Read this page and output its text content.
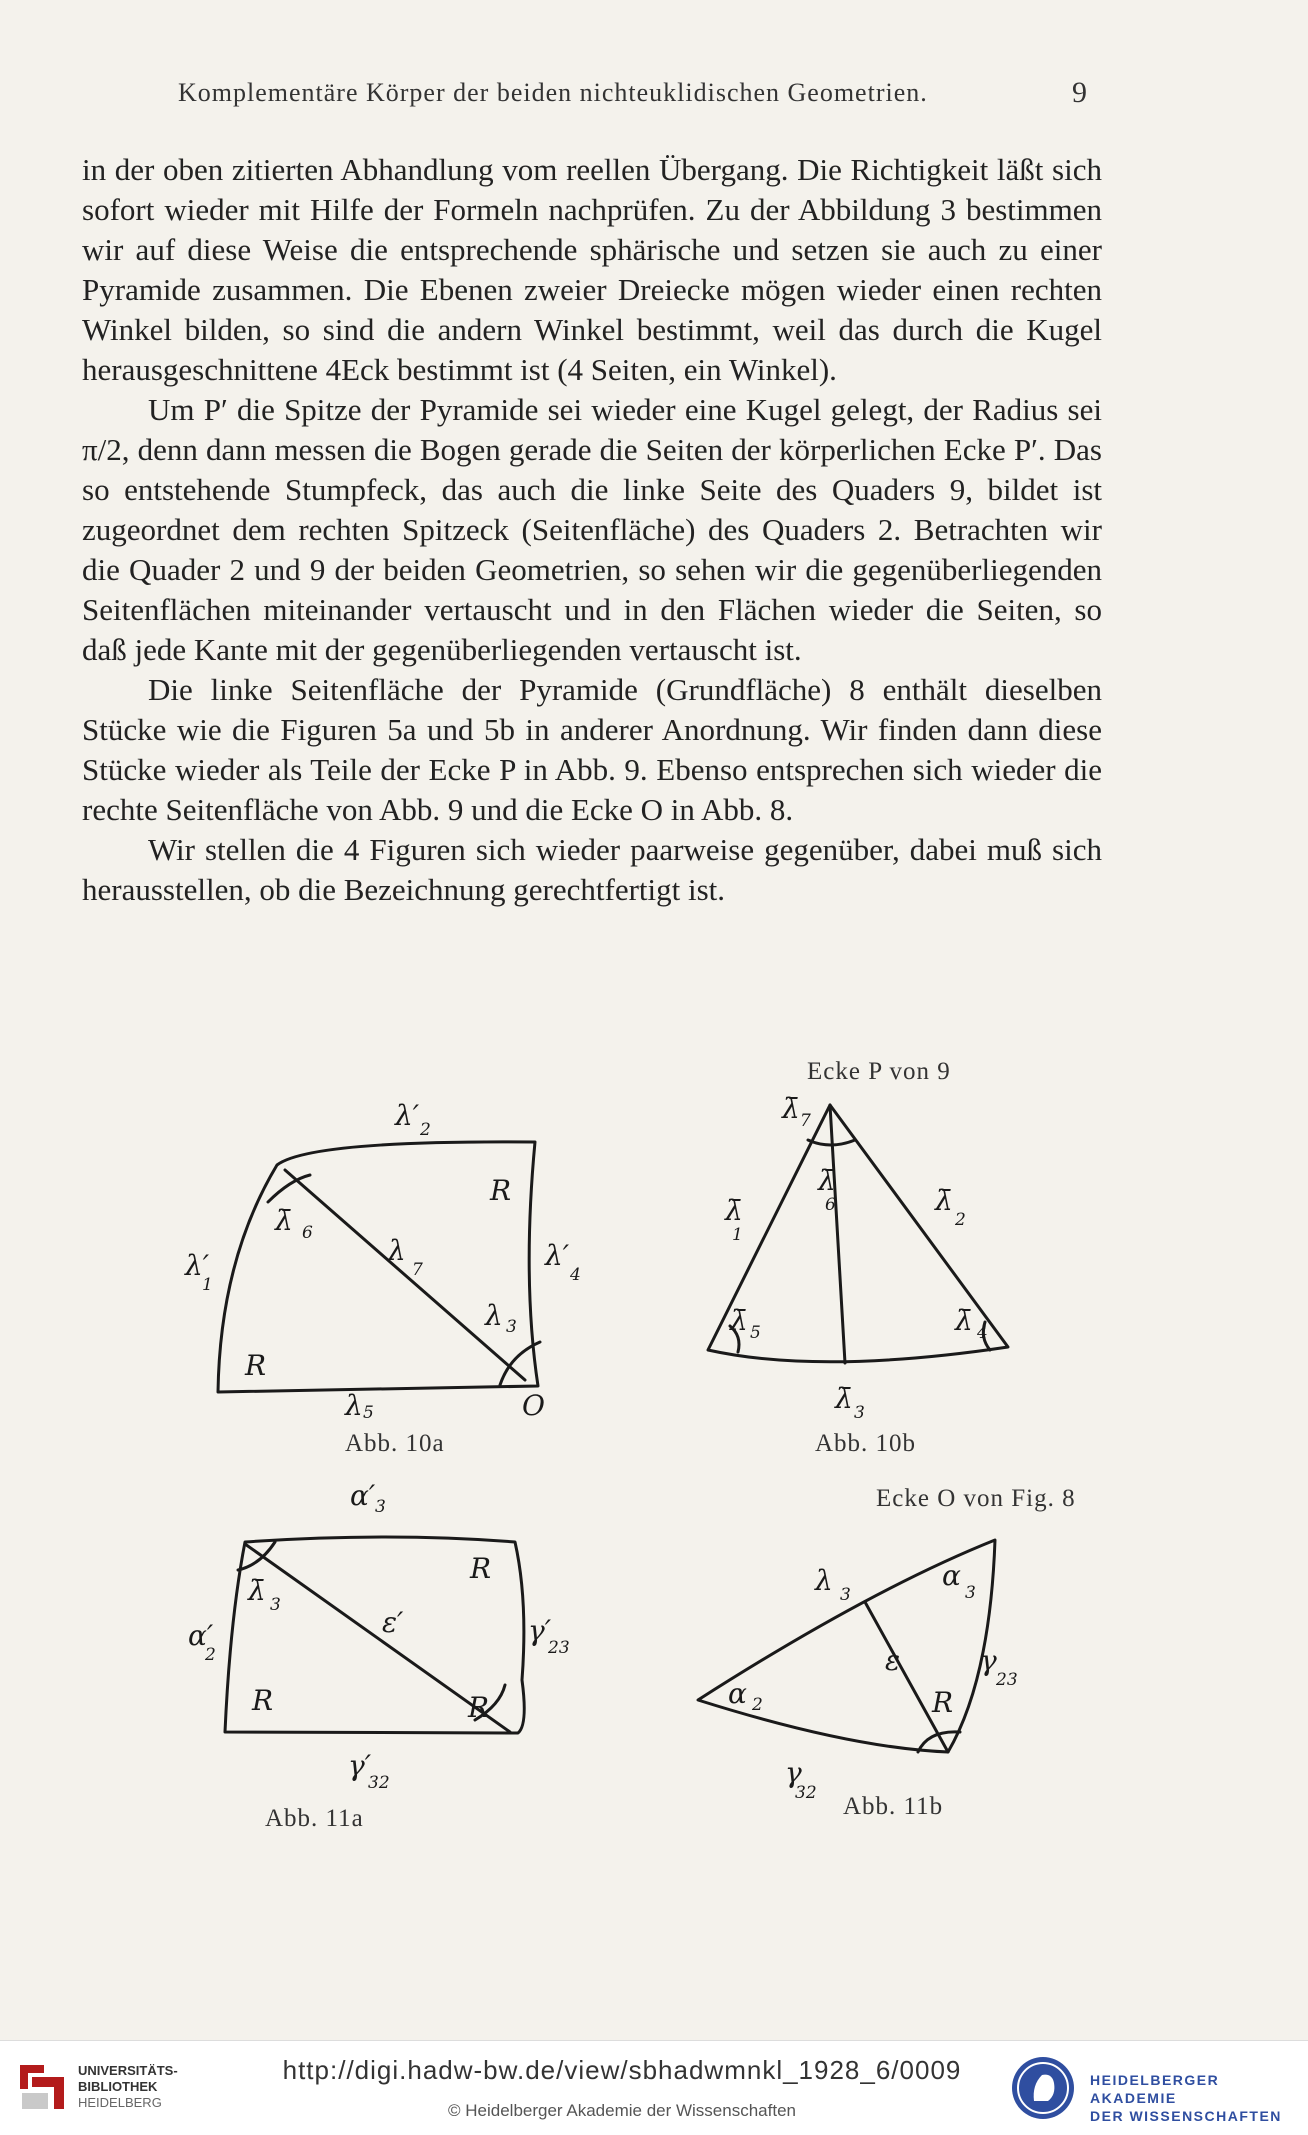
Komplementäre Körper der beiden nichteuklidischen Geometrien.	9

in der oben zitierten Abhandlung vom reellen Übergang. Die Richtigkeit läßt sich sofort wieder mit Hilfe der Formeln nachprüfen. Zu der Abbildung 3 bestimmen wir auf diese Weise die entsprechende sphärische und setzen sie auch zu einer Pyramide zusammen. Die Ebenen zweier Dreiecke mögen wieder einen rechten Winkel bilden, so sind die andern Winkel bestimmt, weil das durch die Kugel herausgeschnittene 4Eck bestimmt ist (4 Seiten, ein Winkel).

Um P′ die Spitze der Pyramide sei wieder eine Kugel gelegt, der Radius sei π/2, denn dann messen die Bogen gerade die Seiten der körperlichen Ecke P′. Das so entstehende Stumpfeck, das auch die linke Seite des Quaders 9, bildet ist zugeordnet dem rechten Spitzeck (Seitenfläche) des Quaders 2. Betrachten wir die Quader 2 und 9 der beiden Geometrien, so sehen wir die gegenüberliegenden Seitenflächen miteinander vertauscht und in den Flächen wieder die Seiten, so daß jede Kante mit der gegenüberliegenden vertauscht ist.

Die linke Seitenfläche der Pyramide (Grundfläche) 8 enthält dieselben Stücke wie die Figuren 5a und 5b in anderer Anordnung. Wir finden dann diese Stücke wieder als Teile der Ecke P in Abb. 9. Ebenso entsprechen sich wieder die rechte Seitenfläche von Abb. 9 und die Ecke O in Abb. 8.

Wir stellen die 4 Figuren sich wieder paarweise gegenüber, dabei muß sich herausstellen, ob die Bezeichnung gerechtfertigt ist.

λ′ 2
λ′
1
λ′
4
λ 5
λ
7
λ̄ 6
λ 3
R
R
O
Abb. 10a
Ecke P von 9
λ̄ 7
λ̄
6
λ̄
1
λ̄
2
λ̄ 5	λ̄ 4
λ̄ 3
Abb. 10b
α′ 3
α′
2
γ′
23
γ′
32
ε′
λ̄ 3
R
R	R
Abb. 11a
Ecke O von Fig. 8
λ 3
α
3
α 2
ε	γ
23
γ
32
R
Abb. 11b
UNIVERSITÄTS-
BIBLIOTHEK
HEIDELBERG
http://digi.hadw-bw.de/view/sbhadwmnkl_1928_6/0009
© Heidelberger Akademie der Wissenschaften
HEIDELBERGER AKADEMIE
DER WISSENSCHAFTEN
